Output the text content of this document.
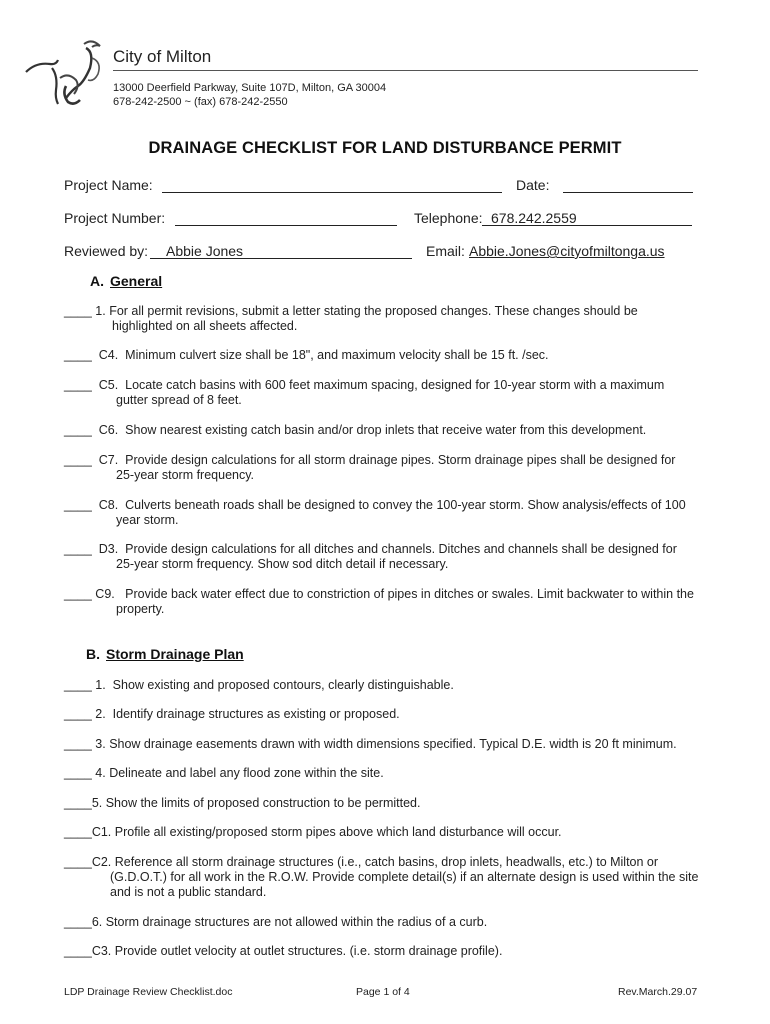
City of Milton
13000 Deerfield Parkway, Suite 107D, Milton, GA 30004
678-242-2500 ~ (fax) 678-242-2550
DRAINAGE CHECKLIST FOR LAND DISTURBANCE PERMIT
Project Name:	Date:
Project Number:	Telephone: 678.242.2559
Reviewed by: Abbie Jones	Email: Abbie.Jones@cityofmiltonga.us
A. General
____ 1. For all permit revisions, submit a letter stating the proposed changes. These changes should be
highlighted on all sheets affected.
____  C4.  Minimum culvert size shall be 18", and maximum velocity shall be 15 ft. /sec.
____  C5.  Locate catch basins with 600 feet maximum spacing, designed for 10-year storm with a maximum
gutter spread of 8 feet.
____  C6.  Show nearest existing catch basin and/or drop inlets that receive water from this development.
____  C7.  Provide design calculations for all storm drainage pipes. Storm drainage pipes shall be designed for
25-year storm frequency.
____  C8.  Culverts beneath roads shall be designed to convey the 100-year storm. Show analysis/effects of 100
year storm.
____  D3.  Provide design calculations for all ditches and channels. Ditches and channels shall be designed for
25-year storm frequency. Show sod ditch detail if necessary.
____ C9.   Provide back water effect due to constriction of pipes in ditches or swales. Limit backwater to within the
property.
B. Storm Drainage Plan
____ 1.  Show existing and proposed contours, clearly distinguishable.
____ 2.  Identify drainage structures as existing or proposed.
____ 3. Show drainage easements drawn with width dimensions specified. Typical D.E. width is 20 ft minimum.
____ 4. Delineate and label any flood zone within the site.
____5. Show the limits of proposed construction to be permitted.
____C1. Profile all existing/proposed storm pipes above which land disturbance will occur.
____C2. Reference all storm drainage structures (i.e., catch basins, drop inlets, headwalls, etc.) to Milton or
(G.D.O.T.) for all work in the R.O.W. Provide complete detail(s) if an alternate design is used within the site
and is not a public standard.
____6. Storm drainage structures are not allowed within the radius of a curb.
____C3. Provide outlet velocity at outlet structures. (i.e. storm drainage profile).
LDP Drainage Review Checklist.doc	Page 1 of 4	Rev.March.29.07
